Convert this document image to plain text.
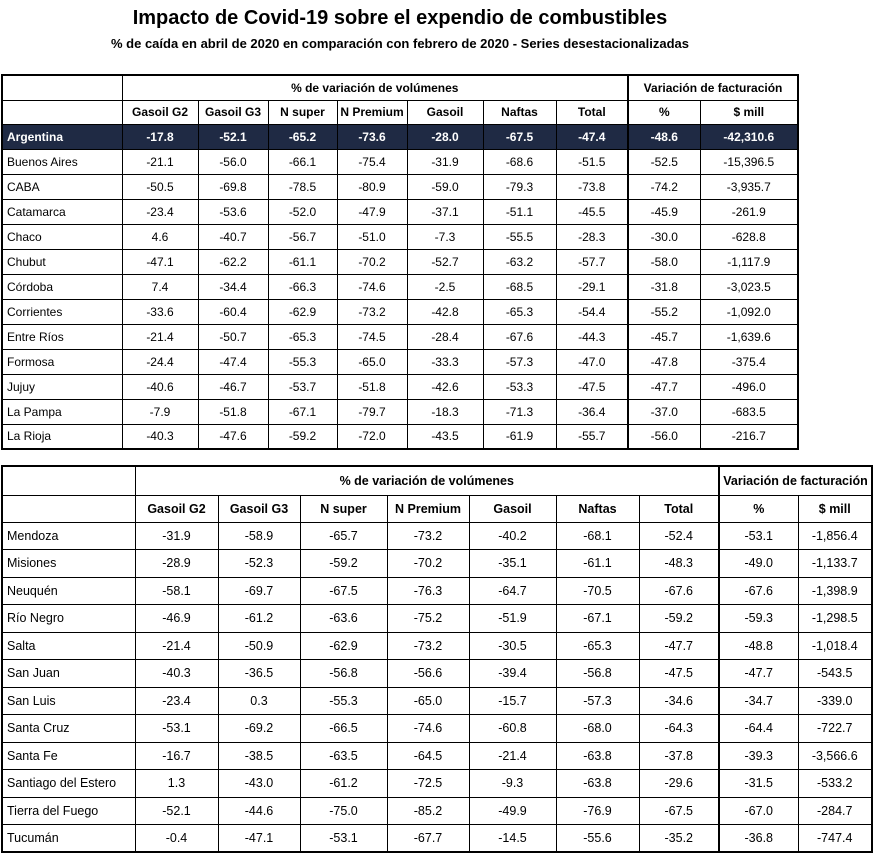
Impacto de Covid-19 sobre el expendio de combustibles
% de caída en abril de 2020 en comparación con febrero de 2020 - Series desestacionalizadas
	% de variación de volúmenes							Variación de facturación	
	Gasoil G2	Gasoil G3	N super	N Premium	Gasoil	Naftas	Total	%	$ mill
Argentina	-17.8	-52.1	-65.2	-73.6	-28.0	-67.5	-47.4	-48.6	-42,310.6
Buenos Aires	-21.1	-56.0	-66.1	-75.4	-31.9	-68.6	-51.5	-52.5	-15,396.5
CABA	-50.5	-69.8	-78.5	-80.9	-59.0	-79.3	-73.8	-74.2	-3,935.7
Catamarca	-23.4	-53.6	-52.0	-47.9	-37.1	-51.1	-45.5	-45.9	-261.9
Chaco	4.6	-40.7	-56.7	-51.0	-7.3	-55.5	-28.3	-30.0	-628.8
Chubut	-47.1	-62.2	-61.1	-70.2	-52.7	-63.2	-57.7	-58.0	-1,117.9
Córdoba	7.4	-34.4	-66.3	-74.6	-2.5	-68.5	-29.1	-31.8	-3,023.5
Corrientes	-33.6	-60.4	-62.9	-73.2	-42.8	-65.3	-54.4	-55.2	-1,092.0
Entre Ríos	-21.4	-50.7	-65.3	-74.5	-28.4	-67.6	-44.3	-45.7	-1,639.6
Formosa	-24.4	-47.4	-55.3	-65.0	-33.3	-57.3	-47.0	-47.8	-375.4
Jujuy	-40.6	-46.7	-53.7	-51.8	-42.6	-53.3	-47.5	-47.7	-496.0
La Pampa	-7.9	-51.8	-67.1	-79.7	-18.3	-71.3	-36.4	-37.0	-683.5
La Rioja	-40.3	-47.6	-59.2	-72.0	-43.5	-61.9	-55.7	-56.0	-216.7
	% de variación de volúmenes							Variación de facturación	
	Gasoil G2	Gasoil G3	N super	N Premium	Gasoil	Naftas	Total	%	$ mill
Mendoza	-31.9	-58.9	-65.7	-73.2	-40.2	-68.1	-52.4	-53.1	-1,856.4
Misiones	-28.9	-52.3	-59.2	-70.2	-35.1	-61.1	-48.3	-49.0	-1,133.7
Neuquén	-58.1	-69.7	-67.5	-76.3	-64.7	-70.5	-67.6	-67.6	-1,398.9
Río Negro	-46.9	-61.2	-63.6	-75.2	-51.9	-67.1	-59.2	-59.3	-1,298.5
Salta	-21.4	-50.9	-62.9	-73.2	-30.5	-65.3	-47.7	-48.8	-1,018.4
San Juan	-40.3	-36.5	-56.8	-56.6	-39.4	-56.8	-47.5	-47.7	-543.5
San Luis	-23.4	0.3	-55.3	-65.0	-15.7	-57.3	-34.6	-34.7	-339.0
Santa Cruz	-53.1	-69.2	-66.5	-74.6	-60.8	-68.0	-64.3	-64.4	-722.7
Santa Fe	-16.7	-38.5	-63.5	-64.5	-21.4	-63.8	-37.8	-39.3	-3,566.6
Santiago del Estero	1.3	-43.0	-61.2	-72.5	-9.3	-63.8	-29.6	-31.5	-533.2
Tierra del Fuego	-52.1	-44.6	-75.0	-85.2	-49.9	-76.9	-67.5	-67.0	-284.7
Tucumán	-0.4	-47.1	-53.1	-67.7	-14.5	-55.6	-35.2	-36.8	-747.4
